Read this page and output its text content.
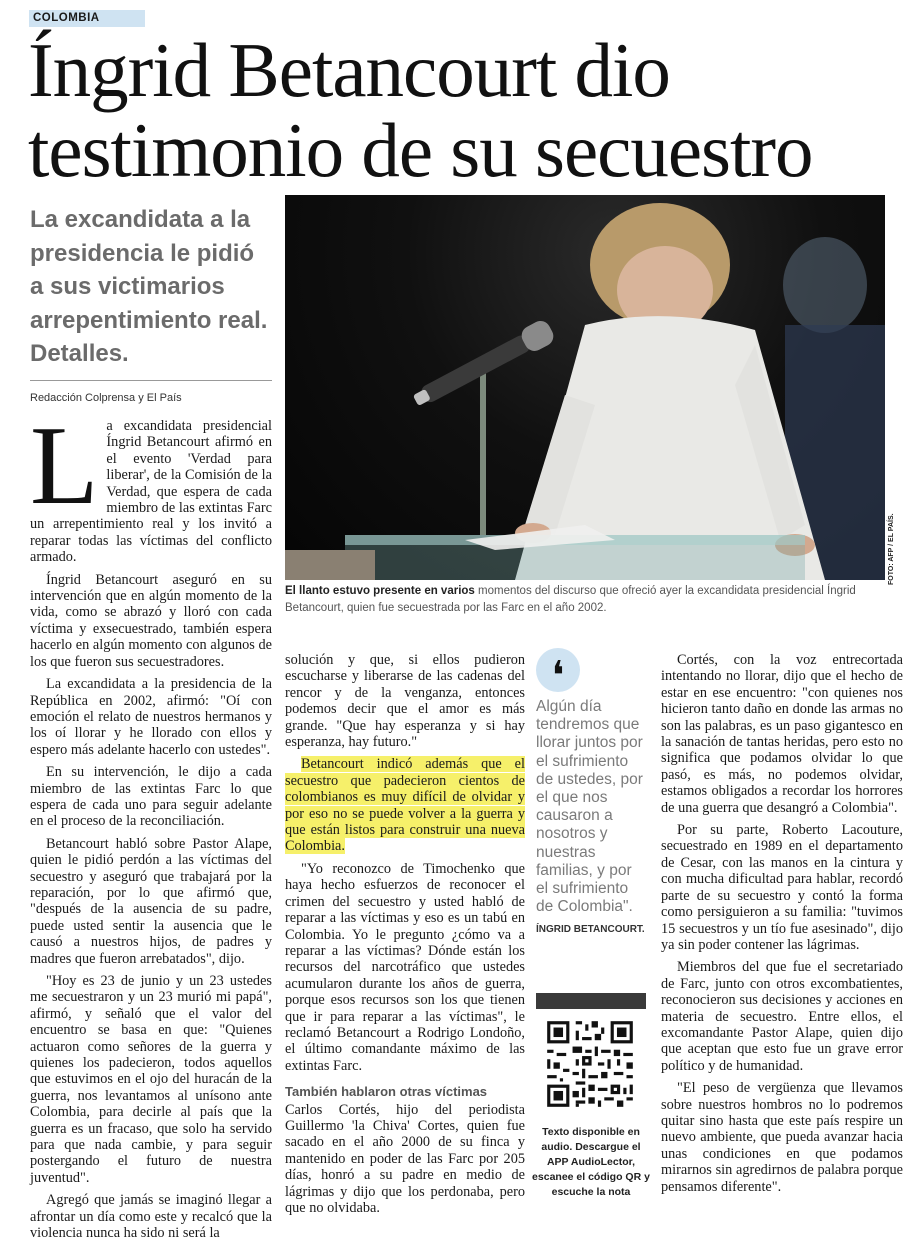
COLOMBIA
Íngrid Betancourt dio
testimonio de su secuestro
La excandidata a la presidencia le pidió a sus victimarios arrepentimiento real. Detalles.
Redacción Colprensa y El País
FOTO: AFP / EL PAÍS.
El llanto estuvo presente en varios momentos del discurso que ofreció ayer la excandidata presidencial Íngrid Betancourt, quien fue secuestrada por las Farc en el año 2002.

La excandidata presidencial Íngrid Betancourt afirmó en el evento 'Verdad para liberar', de la Comisión de la Verdad, que espera de cada miembro de las extintas Farc un arrepentimiento real y los invitó a reparar todas las víctimas del conflicto armado.

Íngrid Betancourt aseguró en su intervención que en algún momento de la vida, como se abrazó y lloró con cada víctima y exsecuestrado, también espera hacerlo en algún momento con algunos de los que fueron sus secuestradores.

La excandidata a la presidencia de la República en 2002, afirmó: "Oí con emoción el relato de nuestros hermanos y los oí llorar y he llorado con ellos y espero más adelante hacerlo con ustedes".

En su intervención, le dijo a cada miembro de las extintas Farc lo que espera de cada uno para seguir adelante en el proceso de la reconciliación.

Betancourt habló sobre Pastor Alape, quien le pidió perdón a las víctimas del secuestro y aseguró que trabajará por la reparación, por lo que afirmó que, "después de la ausencia de su padre, puede usted sentir la ausencia que le causó a nuestros hijos, de padres y madres que fueron arrebatados", dijo.

"Hoy es 23 de junio y un 23 ustedes me secuestraron y un 23 murió mi papá", afirmó, y señaló que el valor del encuentro se basa en que: "Quienes actuaron como señores de la guerra y quienes los padecieron, todos aquellos que estuvimos en el ojo del huracán de la guerra, nos levantamos al unísono ante Colombia, para decirle al país que la guerra es un fracaso, que solo ha servido para que nada cambie, y para seguir postergando el futuro de nuestra juventud".

Agregó que jamás se imaginó llegar a afrontar un día como este y recalcó que la violencia nunca ha sido ni será la

solución y que, si ellos pudieron escucharse y liberarse de las cadenas del rencor y de la venganza, entonces podemos decir que el amor es más grande. "Que hay esperanza y si hay esperanza, hay futuro."

Betancourt indicó además que el secuestro que padecieron cientos de colombianos es muy difícil de olvidar y por eso no se puede volver a la guerra y que están listos para construir una nueva Colombia.

"Yo reconozco de Timochenko que haya hecho esfuerzos de reconocer el crimen del secuestro y usted habló de reparar a las víctimas y eso es un tabú en Colombia. Yo le pregunto ¿cómo va a reparar a las víctimas? Dónde están los recursos del narcotráfico que ustedes acumularon durante los años de guerra, porque esos recursos son los que tienen que ir para reparar a las víctimas", le reclamó Betancourt a Rodrigo Londoño, el último comandante máximo de las extintas Farc.

También hablaron otras víctimas

Carlos Cortés, hijo del periodista Guillermo 'la Chiva' Cortes, quien fue sacado en el año 2000 de su finca y mantenido en poder de las Farc por 205 días, honró a su padre en medio de lágrimas y dijo que los perdonaba, pero que no olvidaba.

❛
Algún día tendremos que llorar juntos por el sufrimiento de ustedes, por el que nos causaron a nosotros y nuestras familias, y por el sufrimiento de Colombia".
ÍNGRID BETANCOURT.
Texto disponible en audio. Descargue el APP AudioLector, escanee el código QR y escuche la nota

Cortés, con la voz entrecortada intentando no llorar, dijo que el hecho de estar en ese encuentro: "con quienes nos hicieron tanto daño en donde las armas no son las palabras, es un paso gigantesco en la sanación de tantas heridas, pero esto no significa que podamos olvidar lo que pasó, es más, no podemos olvidar, estamos obligados a recordar los horrores de una guerra que desangró a Colombia".

Por su parte, Roberto Lacouture, secuestrado en 1989 en el departamento de Cesar, con las manos en la cintura y con mucha dificultad para hablar, recordó parte de su secuestro y contó la forma como persiguieron a su familia: "tuvimos 15 secuestros y un tío fue asesinado", dijo ya sin poder contener las lágrimas.

Miembros del que fue el secretariado de Farc, junto con otros excombatientes, reconocieron sus decisiones y acciones en materia de secuestro. Entre ellos, el excomandante Pastor Alape, quien dijo que aceptan que esto fue un grave error político y de humanidad.

"El peso de vergüenza que llevamos sobre nuestros hombros no lo podremos quitar sino hasta que este país respire un nuevo ambiente, que pueda avanzar hacia unas condiciones en que podamos mirarnos sin agredirnos de palabra porque pensamos diferente".
